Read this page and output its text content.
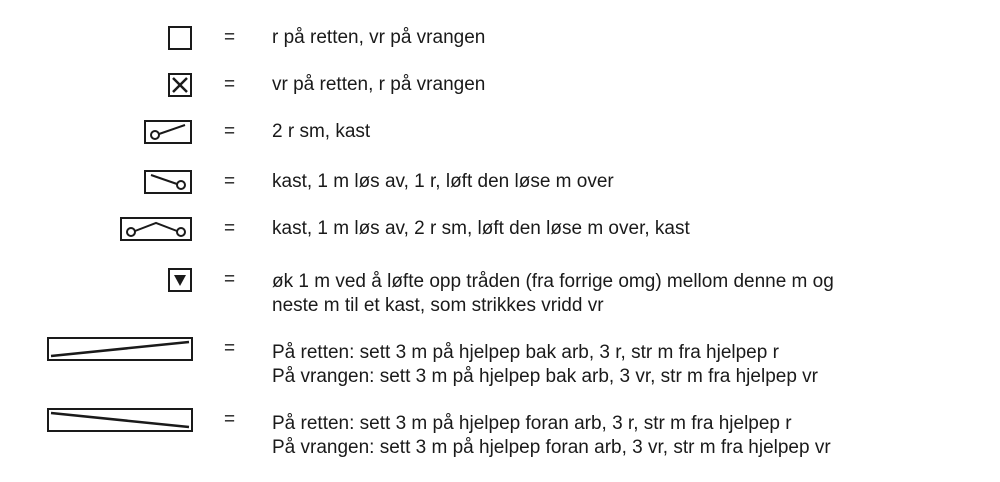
= r på retten, vr på vrangen
= vr på retten, r på vrangen
= 2 r sm, kast
= kast, 1 m løs av, 1 r, løft den løse m over
= kast, 1 m løs av, 2 r sm, løft den løse m over, kast
= øk 1 m ved å løfte opp tråden (fra forrige omg) mellom denne m og
neste m til et kast, som strikkes vridd vr
= På retten: sett 3 m på hjelpep bak arb, 3 r, str m fra hjelpep r
På vrangen: sett 3 m på hjelpep bak arb, 3 vr, str m fra hjelpep vr
= På retten: sett 3 m på hjelpep foran arb, 3 r, str m fra hjelpep r
På vrangen: sett 3 m på hjelpep foran arb, 3 vr, str m fra hjelpep vr
